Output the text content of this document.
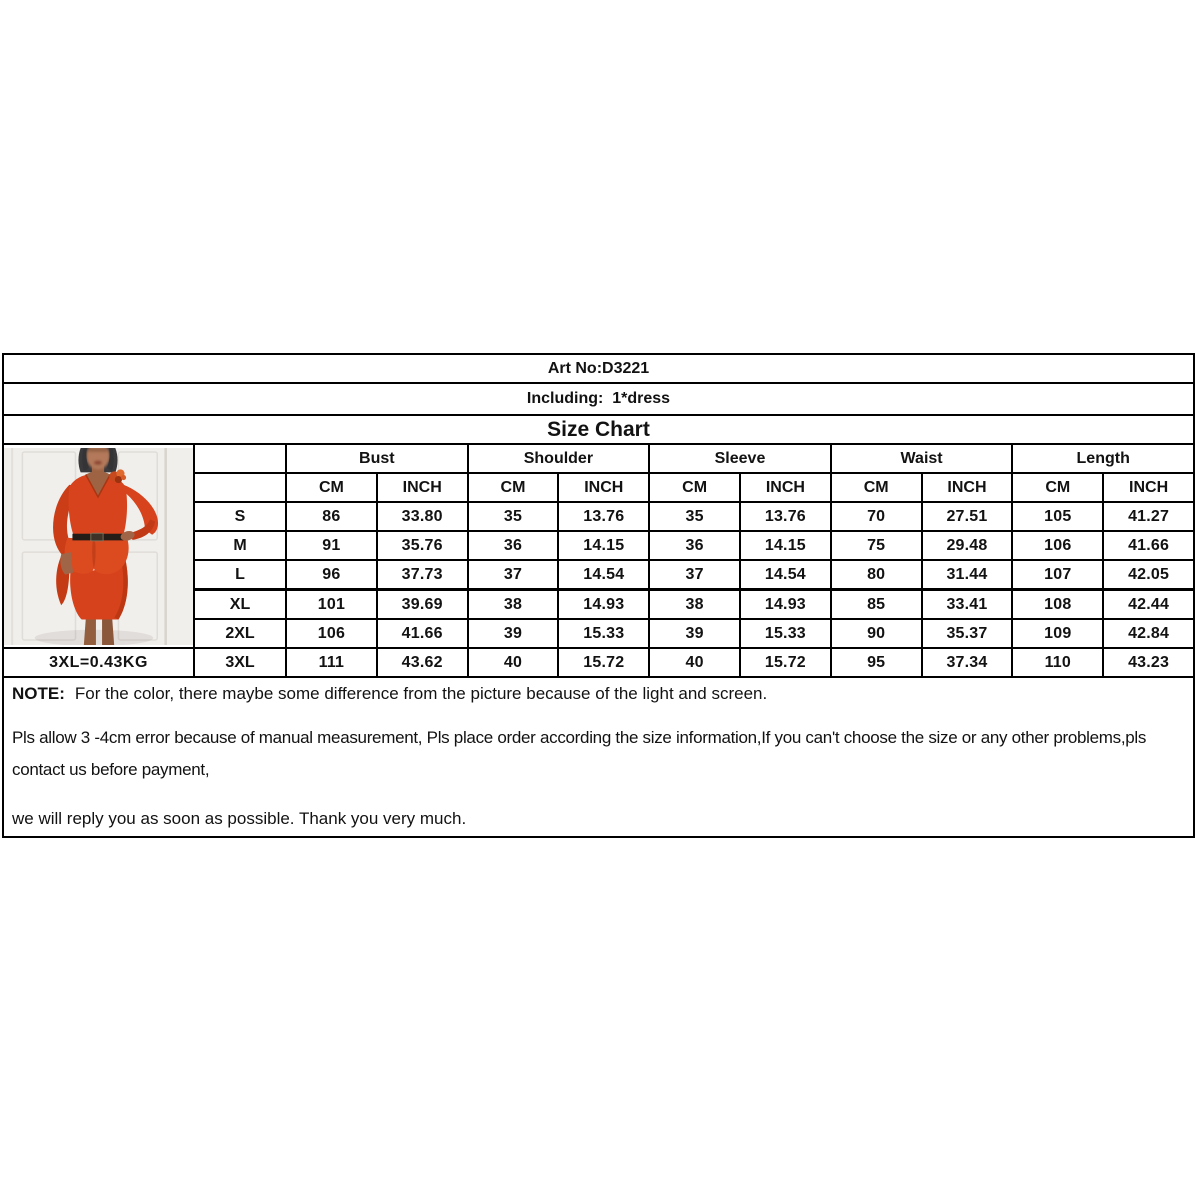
Art No:D3221
Including:  1*dress
Size Chart
		Bust		Shoulder		Sleeve		Waist		Length	
		CM	INCH	CM	INCH	CM	INCH	CM	INCH	CM	INCH
	S	86	33.80	35	13.76	35	13.76	70	27.51	105	41.27
	M	91	35.76	36	14.15	36	14.15	75	29.48	106	41.66
	L	96	37.73	37	14.54	37	14.54	80	31.44	107	42.05
	XL	101	39.69	38	14.93	38	14.93	85	33.41	108	42.44
	2XL	106	41.66	39	15.33	39	15.33	90	35.37	109	42.84
3XL=0.43KG	3XL	111	43.62	40	15.72	40	15.72	95	37.34	110	43.23

NOTE: For the color, there maybe some difference from the picture because of the light and screen.

Pls allow 3 -4cm error because of manual measurement, Pls place order according the size information,If you can't choose the size or any other problems,pls contact us before payment,

we will reply you as soon as possible. Thank you very much.
